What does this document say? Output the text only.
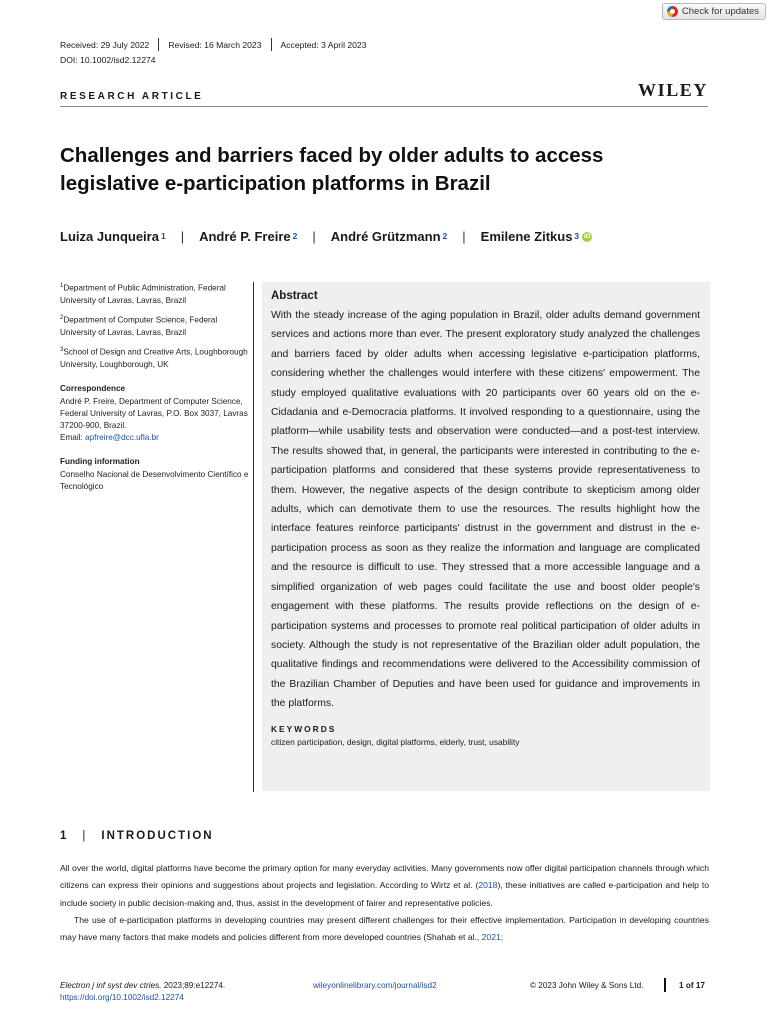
Check for updates
Received: 29 July 2022 Revised: 16 March 2023 Accepted: 3 April 2023
DOI: 10.1002/isd2.12274
RESEARCH ARTICLE	WILEY
Challenges and barriers faced by older adults to access legislative e-participation platforms in Brazil
Luiza Junqueira$^1$ | André P. Freire$^2$ | André Grützmann$^2$ | Emilene Zitkus$^3$ iD
$^1$Department of Public Administration, Federal University of Lavras, Lavras, Brazil
$^2$Department of Computer Science, Federal University of Lavras, Lavras, Brazil
$^3$School of Design and Creative Arts, Loughborough University, Loughborough, UK
Correspondence
André P. Freire, Department of Computer Science, Federal University of Lavras, P.O. Box 3037, Lavras 37200-900, Brazil.
Email: apfreire@dcc.ufla.br
Funding information
Conselho Nacional de Desenvolvimento Científico e Tecnológico
Abstract
With the steady increase of the aging population in Brazil, older adults demand government services and actions more than ever. The present exploratory study analyzed the challenges and barriers faced by older adults when accessing legislative e-participation platforms, considering whether the challenges would interfere with these citizens' empowerment. The study employed qualitative evaluations with 20 participants over 60 years old on the e-Cidadania and e-Democracia platforms. It involved responding to a questionnaire, using the platform—while usability tests and observation were conducted—and a post-test interview. The results showed that, in general, the participants were interested in contributing to the e-participation platforms and considered that these systems provide representativeness to them. However, the negative aspects of the design contribute to skepticism among older adults, which can demotivate them to use the resources. The results highlight how the interface features reinforce participants' distrust in the government and distrust in the e-participation process as soon as they realize the information and language are complicated and the resource is difficult to use. They stressed that a more accessible language and a simplified organization of web pages could facilitate the use and boost older people's engagement with these platforms. The results provide reflections on the design of e-participation systems and processes to promote real political participation of older adults in society. Although the study is not representative of the Brazilian older adult population, the qualitative findings and recommendations were delivered to the Accessibility commission of the Brazilian Chamber of Deputies and have been used for guidance and improvements in the platforms.
KEYWORDS
citizen participation, design, digital platforms, elderly, trust, usability
1 | INTRODUCTION

All over the world, digital platforms have become the primary option for many everyday activities. Many governments now offer digital participation channels through which citizens can express their opinions and suggestions about projects and legislation. According to Wirtz et al. (2018), these initiatives are called e-participation and help to include society in public decision-making and, thus, assist in the development of fairer and representative policies.

The use of e-participation platforms in developing countries may present different challenges for their effective implementation. Participation in developing countries may have many factors that make models and policies different from more developed countries (Shahab et al., 2021;

Electron j inf syst dev ctries. 2023;89:e12274.
https://doi.org/10.1002/isd2.12274
wileyonlinelibrary.com/journal/isd2	© 2023 John Wiley & Sons Ltd.	1 of 17
